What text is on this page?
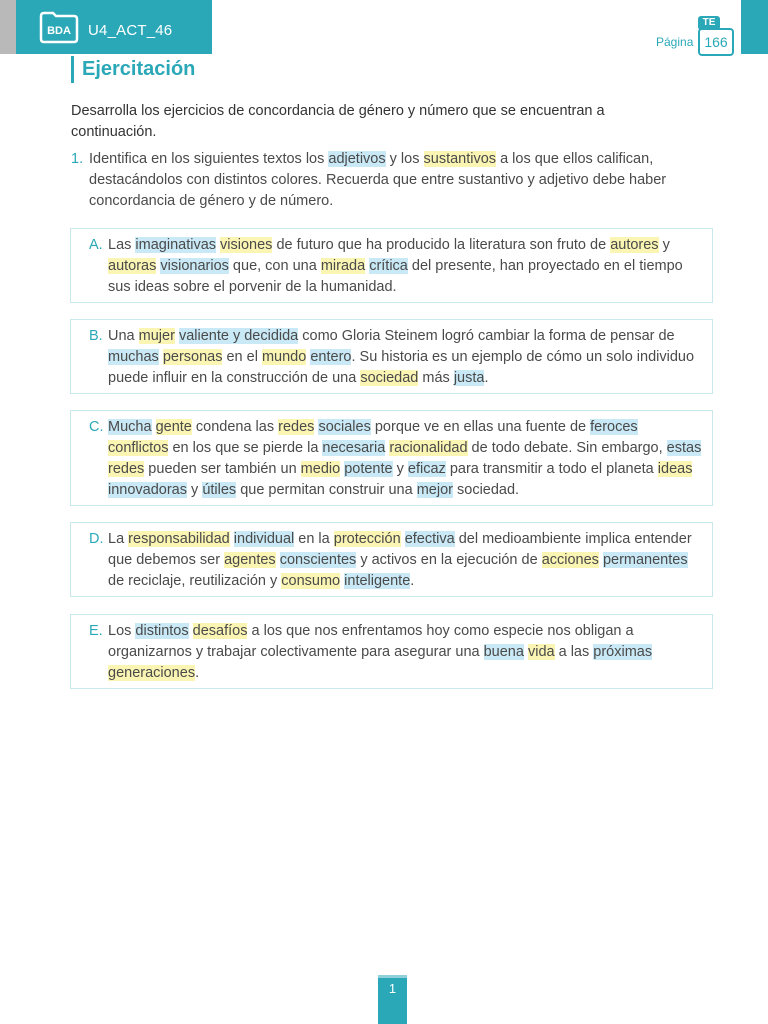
BDA U4_ACT_46
Página 166
TE
Ejercitación
Desarrolla los ejercicios de concordancia de género y número que se encuentran a continuación.
1. Identifica en los siguientes textos los adjetivos y los sustantivos a los que ellos califican, destacándolos con distintos colores. Recuerda que entre sustantivo y adjetivo debe haber concordancia de género y de número.
A. Las imaginativas visiones de futuro que ha producido la literatura son fruto de autores y autoras visionarios que, con una mirada crítica del presente, han proyectado en el tiempo sus ideas sobre el porvenir de la humanidad.
B. Una mujer valiente y decidida como Gloria Steinem logró cambiar la forma de pensar de muchas personas en el mundo entero. Su historia es un ejemplo de cómo un solo individuo puede influir en la construcción de una sociedad más justa.
C. Mucha gente condena las redes sociales porque ve en ellas una fuente de feroces conflictos en los que se pierde la necesaria racionalidad de todo debate. Sin embargo, estas redes pueden ser también un medio potente y eficaz para transmitir a todo el planeta ideas innovadoras y útiles que permitan construir una mejor sociedad.
D. La responsabilidad individual en la protección efectiva del medioambiente implica entender que debemos ser agentes conscientes y activos en la ejecución de acciones permanentes de reciclaje, reutilización y consumo inteligente.
E. Los distintos desafíos a los que nos enfrentamos hoy como especie nos obligan a organizarnos y trabajar colectivamente para asegurar una buena vida a las próximas generaciones.
1
